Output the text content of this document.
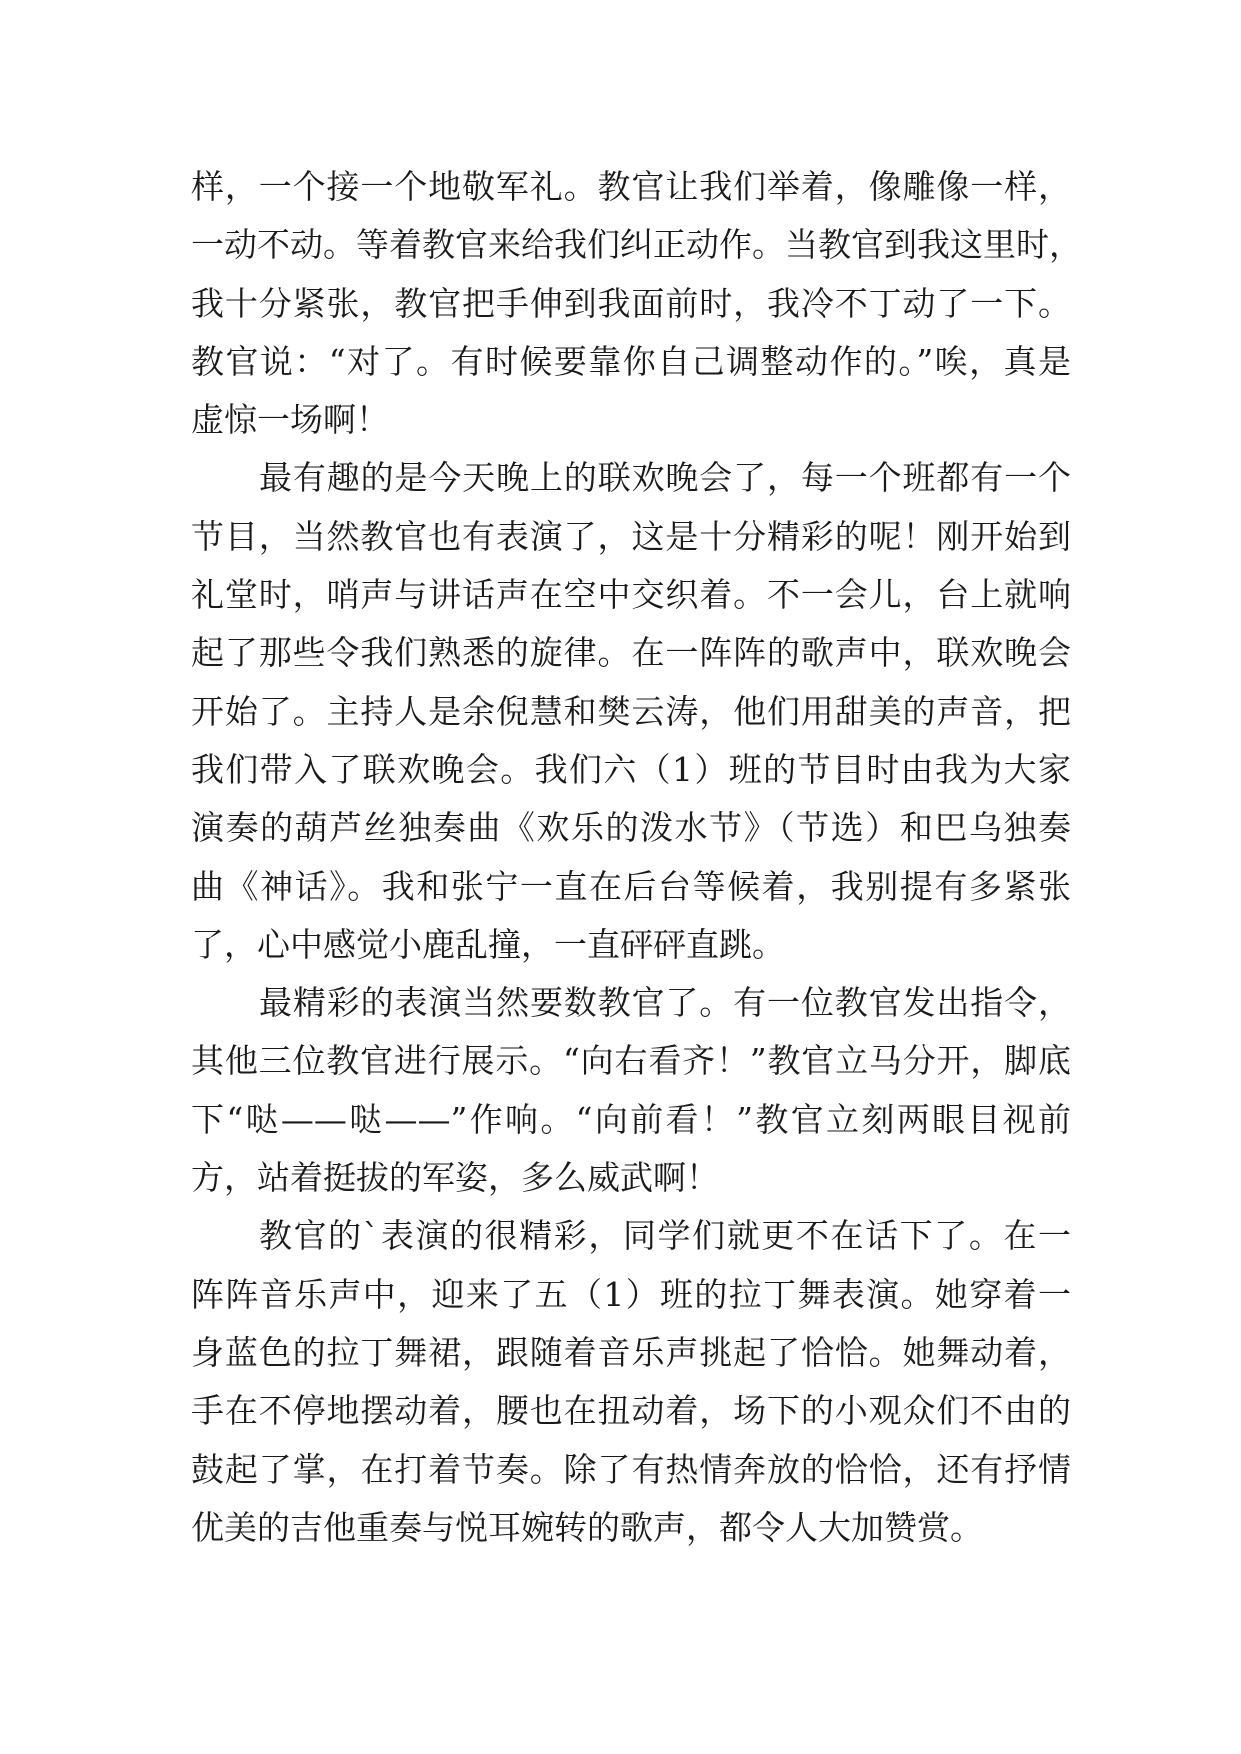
样，一个接一个地敬军礼。教官让我们举着，像雕像一样，
一动不动。等着教官来给我们纠正动作。当教官到我这里时，
我十分紧张，教官把手伸到我面前时，我冷不丁动了一下。
教官说：“对了。有时候要靠你自己调整动作的。”唉，真是
虚惊一场啊！
最有趣的是今天晚上的联欢晚会了，每一个班都有一个
节目，当然教官也有表演了，这是十分精彩的呢！刚开始到
礼堂时，哨声与讲话声在空中交织着。不一会儿，台上就响
起了那些令我们熟悉的旋律。在一阵阵的歌声中，联欢晚会
开始了。主持人是余倪慧和樊云涛，他们用甜美的声音，把
我们带入了联欢晚会。我们六（1）班的节目时由我为大家
演奏的葫芦丝独奏曲《欢乐的泼水节》（节选）和巴乌独奏
曲《神话》。我和张宁一直在后台等候着，我别提有多紧张
了，心中感觉小鹿乱撞，一直砰砰直跳。
最精彩的表演当然要数教官了。有一位教官发出指令，
其他三位教官进行展示。“向右看齐！”教官立马分开，脚底
下“哒——哒——”作响。“向前看！”教官立刻两眼目视前
方，站着挺拔的军姿，多么威武啊！
教官的`表演的很精彩，同学们就更不在话下了。在一
阵阵音乐声中，迎来了五（1）班的拉丁舞表演。她穿着一
身蓝色的拉丁舞裙，跟随着音乐声挑起了恰恰。她舞动着，
手在不停地摆动着，腰也在扭动着，场下的小观众们不由的
鼓起了掌，在打着节奏。除了有热情奔放的恰恰，还有抒情
优美的吉他重奏与悦耳婉转的歌声，都令人大加赞赏。
